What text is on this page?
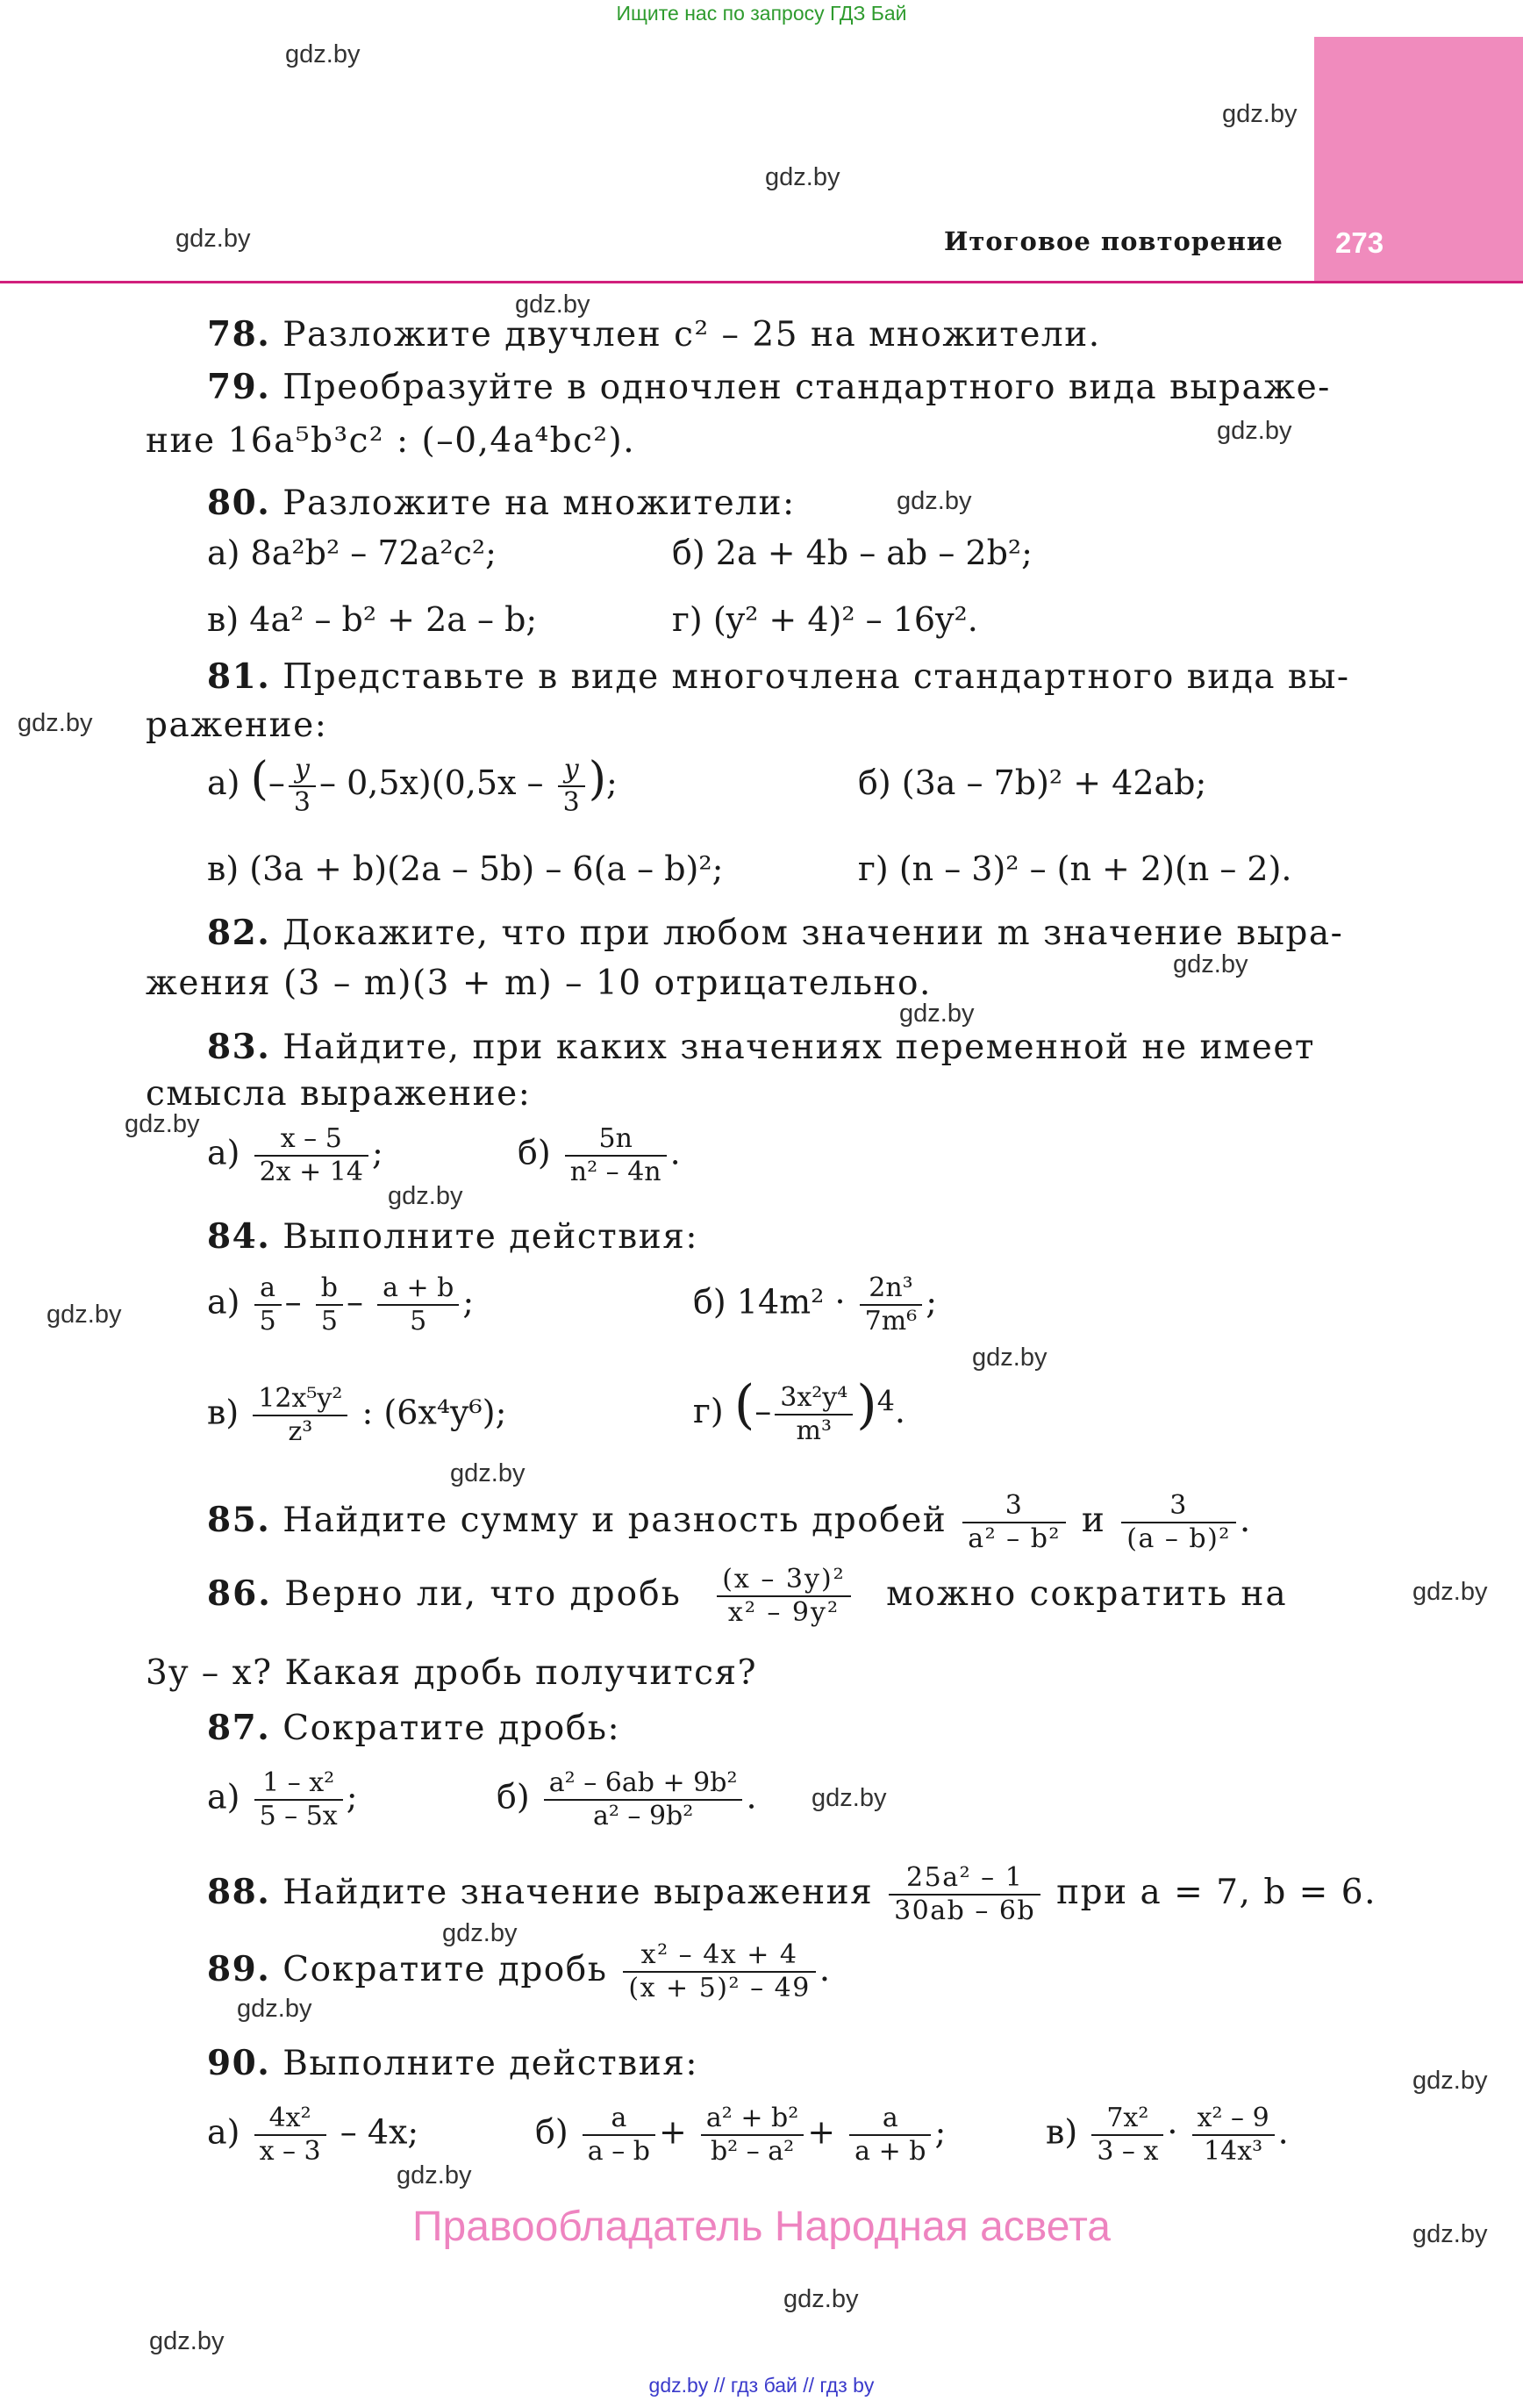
Ищите нас по запросу ГДЗ Бай
273
Итоговое повторение
gdz.by
gdz.by
gdz.by
gdz.by
gdz.by
gdz.by
gdz.by
gdz.by
gdz.by
gdz.by
gdz.by
gdz.by
gdz.by
gdz.by
gdz.by
gdz.by
gdz.by
gdz.by
gdz.by
gdz.by
gdz.by
gdz.by
gdz.by
gdz.by
78. Разложите двучлен c² – 25 на множители.
79. Преобразуйте в одночлен стандартного вида выраже-
ние 16a⁵b³c² : (–0,4a⁴bc²).
80. Разложите на множители:
а) 8a²b² – 72a²c²;	б) 2a + 4b – ab – 2b²;
в) 4a² – b² + 2a – b;	г) (y² + 4)² – 16y².
81. Представьте в виде многочлена стандартного вида вы-
ражение:
а) (– $\frac{y}{3} - 0,5x)(0,5x - \frac{y}{3}$ );	б) (3a – 7b)² + 42ab;
в) (3a + b)(2a – 5b) – 6(a – b)²;	г) (n – 3)² – (n + 2)(n – 2).
82. Докажите, что при любом значении m значение выра-
жения (3 – m)(3 + m) – 10 отрицательно.
83. Найдите, при каких значениях переменной не имеет
смысла выражение:
$а) \frac{x - 5}{2x + 14}$ ;	$б) \frac{5n}{\text{n² – 4n}}$ .
84. Выполните действия:
$а) \frac{a}{5} - \frac{b}{5} - \frac{a + b}{5}$ ;	б) $14m^2 \cdot \frac{\text{2n³}}{\text{7m⁶}}$ ;
$в) \frac{\text{12x⁵y²}}{\text{z³}}$ : (6x⁴y⁶);	г) (– $\frac{\text{3x²y⁴}}{\text{m³}} )^4$.
85. Найдите сумму и разность дробей $\frac{3}{\text{a² – b²}}$ и $\frac{3}{\text{(a – b)²}}$ .
86. Верно ли, что дробь $\frac{\text{(x – 3y)²}}{\text{x² – 9y²}}$ можно сократить на
3y – x? Какая дробь получится?
87. Сократите дробь:
$а) \frac{\text{1 – x²}}{5 - 5x}$ ;	$б) \frac{\text{a² – 6ab + 9b²}}{\text{a² – 9b²}}$ .
88. Найдите значение выражения $\frac{\text{25a² – 1}}{30ab - 6b}$ при a = 7, b = 6.
89. Сократите дробь $\frac{\text{x² – 4x + 4}}{\text{(x + 5)² – 49}}$ .
90. Выполните действия:
$а) \frac{\text{4x²}}{x - 3} - 4x$;	$б) \frac{a}{a - b} + \frac{\text{a² + b²}}{\text{b² – a²}} + \frac{a}{a + b}$ ;	$в) \frac{\text{7x²}}{3 - x} \cdot \frac{\text{x² – 9}}{\text{14x³}}$ .
Правообладатель Народная асвета
gdz.by // гдз бай // гдз by
